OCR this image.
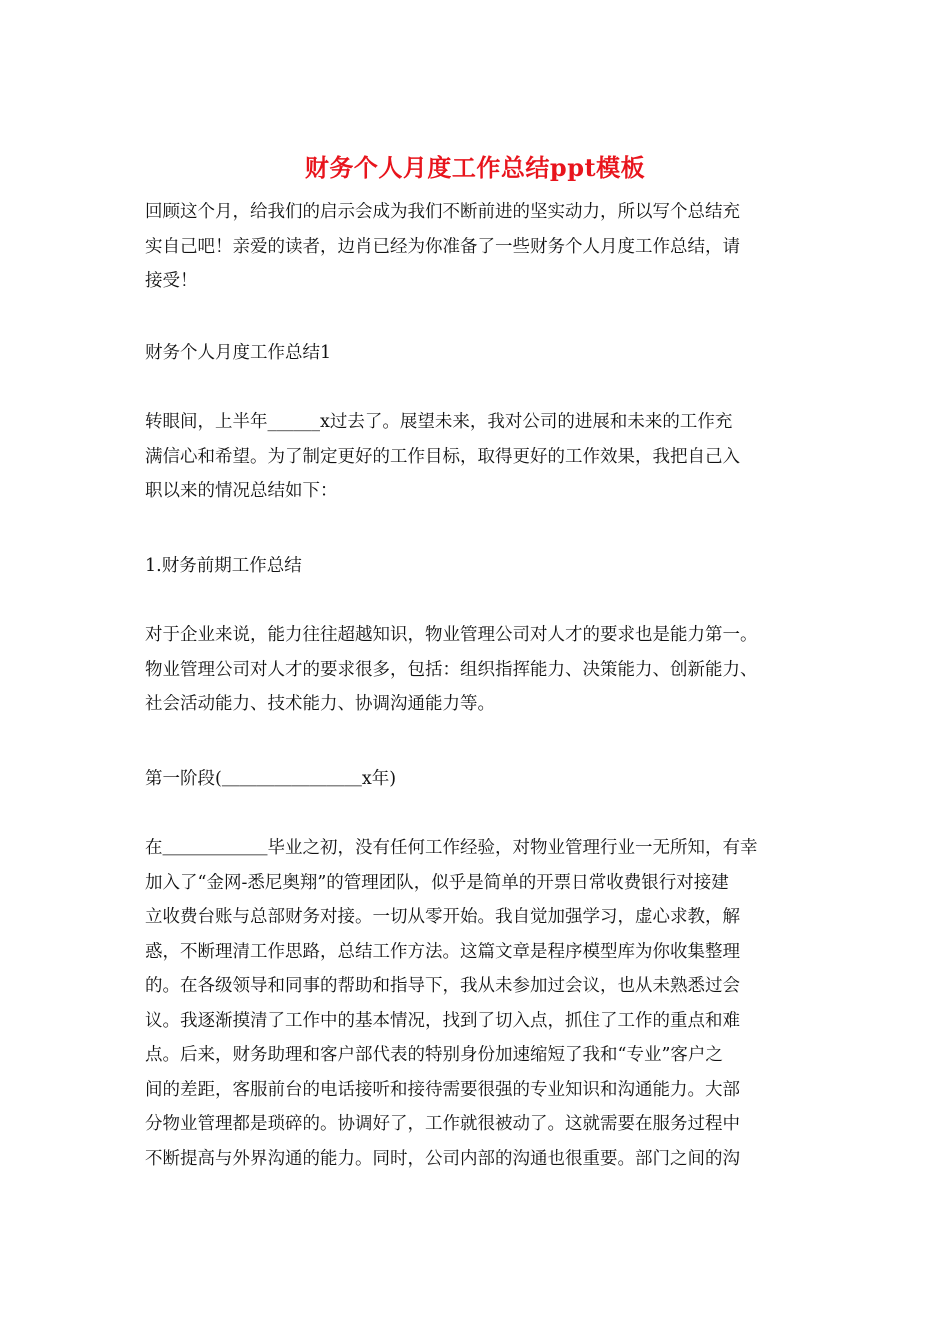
财务个人月度工作总结ppt模板
回顾这个月，给我们的启示会成为我们不断前进的坚实动力，所以写个总结充
实自己吧！亲爱的读者，边肖已经为你准备了一些财务个人月度工作总结，请
接受！
财务个人月度工作总结1
转眼间，上半年______x过去了。展望未来，我对公司的进展和未来的工作充
满信心和希望。为了制定更好的工作目标，取得更好的工作效果，我把自己入
职以来的情况总结如下：
1.财务前期工作总结
对于企业来说，能力往往超越知识，物业管理公司对人才的要求也是能力第一。
物业管理公司对人才的要求很多，包括：组织指挥能力、决策能力、创新能力、
社会活动能力、技术能力、协调沟通能力等。
第一阶段(＿＿＿＿＿＿＿＿x年)
在＿＿＿＿＿＿毕业之初，没有任何工作经验，对物业管理行业一无所知，有幸
加入了“金网-悉尼奥翔”的管理团队，似乎是简单的开票日常收费银行对接建
立收费台账与总部财务对接。一切从零开始。我自觉加强学习，虚心求教，解
惑，不断理清工作思路，总结工作方法。这篇文章是程序模型库为你收集整理
的。在各级领导和同事的帮助和指导下，我从未参加过会议，也从未熟悉过会
议。我逐渐摸清了工作中的基本情况，找到了切入点，抓住了工作的重点和难
点。后来，财务助理和客户部代表的特别身份加速缩短了我和“专业”客户之
间的差距，客服前台的电话接听和接待需要很强的专业知识和沟通能力。大部
分物业管理都是琐碎的。协调好了，工作就很被动了。这就需要在服务过程中
不断提高与外界沟通的能力。同时，公司内部的沟通也很重要。部门之间的沟
